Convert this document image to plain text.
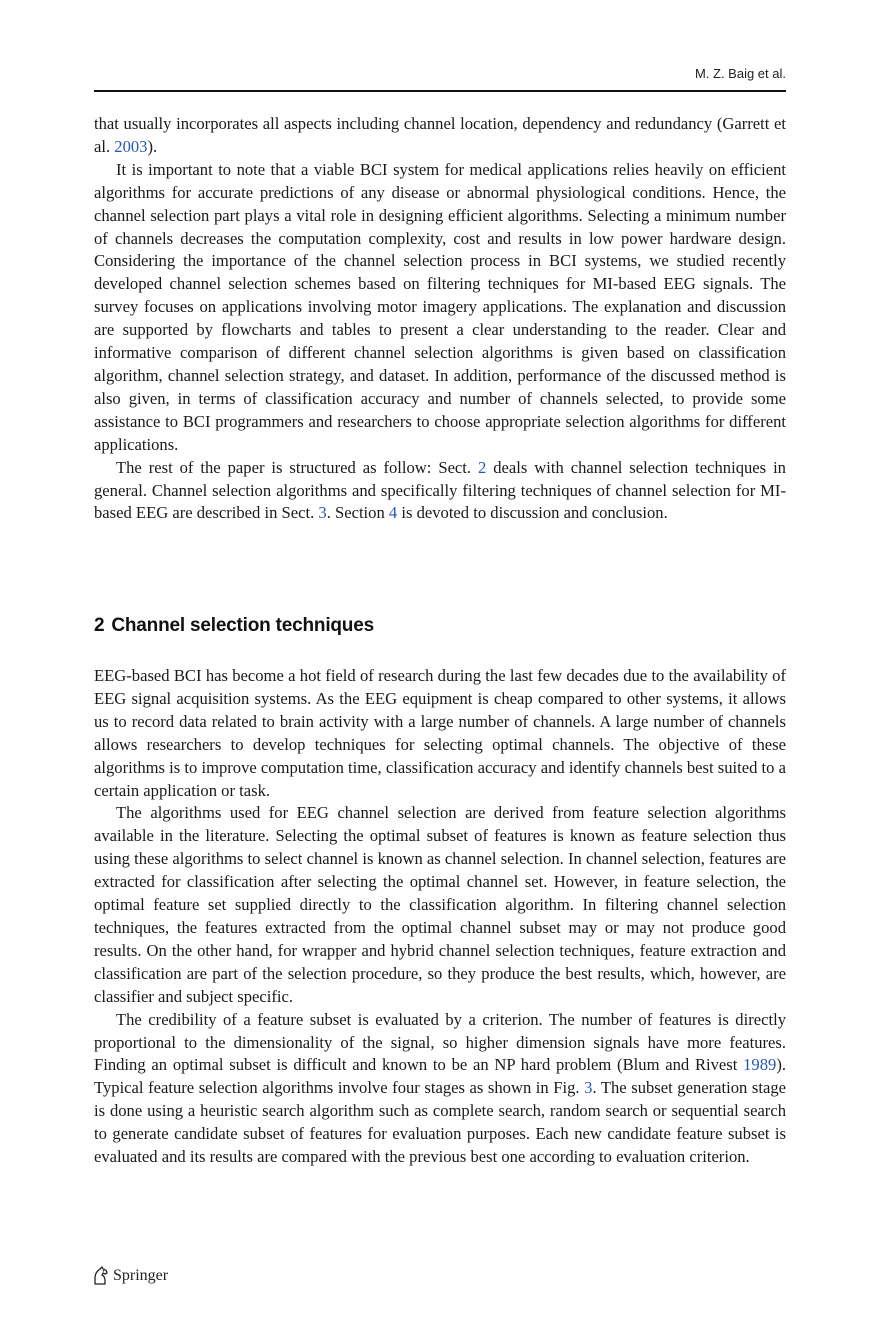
M. Z. Baig et al.

that usually incorporates all aspects including channel location, dependency and redundancy (Garrett et al. 2003).

It is important to note that a viable BCI system for medical applications relies heavily on efficient algorithms for accurate predictions of any disease or abnormal physiological conditions. Hence, the channel selection part plays a vital role in designing efficient algorithms. Selecting a minimum number of channels decreases the computation complexity, cost and results in low power hardware design. Considering the importance of the channel selection process in BCI systems, we studied recently developed channel selection schemes based on filtering techniques for MI-based EEG signals. The survey focuses on applications involving motor imagery applications. The explanation and discussion are supported by flowcharts and tables to present a clear understanding to the reader. Clear and informative comparison of different channel selection algorithms is given based on classification algorithm, channel selection strategy, and dataset. In addition, performance of the discussed method is also given, in terms of classification accuracy and number of channels selected, to provide some assistance to BCI programmers and researchers to choose appropriate selection algorithms for different applications.

The rest of the paper is structured as follow: Sect. 2 deals with channel selection techniques in general. Channel selection algorithms and specifically filtering techniques of channel selection for MI-based EEG are described in Sect. 3. Section 4 is devoted to discussion and conclusion.

2 Channel selection techniques

EEG-based BCI has become a hot field of research during the last few decades due to the availability of EEG signal acquisition systems. As the EEG equipment is cheap compared to other systems, it allows us to record data related to brain activity with a large number of channels. A large number of channels allows researchers to develop techniques for selecting optimal channels. The objective of these algorithms is to improve computation time, classification accuracy and identify channels best suited to a certain application or task.

The algorithms used for EEG channel selection are derived from feature selection algorithms available in the literature. Selecting the optimal subset of features is known as feature selection thus using these algorithms to select channel is known as channel selection. In channel selection, features are extracted for classification after selecting the optimal channel set. However, in feature selection, the optimal feature set supplied directly to the classification algorithm. In filtering channel selection techniques, the features extracted from the optimal channel subset may or may not produce good results. On the other hand, for wrapper and hybrid channel selection techniques, feature extraction and classification are part of the selection procedure, so they produce the best results, which, however, are classifier and subject specific.

The credibility of a feature subset is evaluated by a criterion. The number of features is directly proportional to the dimensionality of the signal, so higher dimension signals have more features. Finding an optimal subset is difficult and known to be an NP hard problem (Blum and Rivest 1989). Typical feature selection algorithms involve four stages as shown in Fig. 3. The subset generation stage is done using a heuristic search algorithm such as complete search, random search or sequential search to generate candidate subset of features for evaluation purposes. Each new candidate feature subset is evaluated and its results are compared with the previous best one according to evaluation criterion.

Springer
